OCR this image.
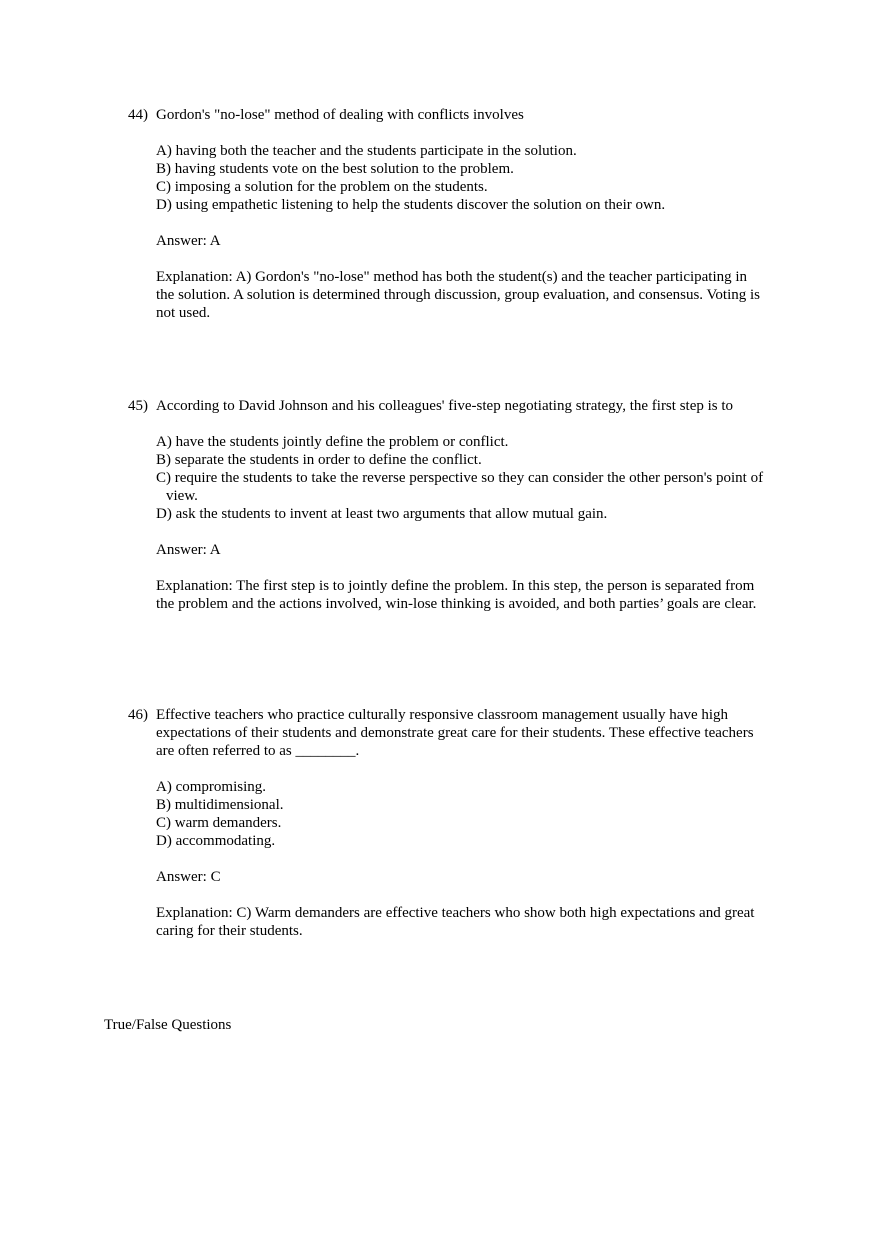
44) Gordon's "no-lose" method of dealing with conflicts involves
A) having both the teacher and the students participate in the solution.
B) having students vote on the best solution to the problem.
C) imposing a solution for the problem on the students.
D) using empathetic listening to help the students discover the solution on their own.
Answer: A
Explanation: A) Gordon's "no-lose" method has both the student(s) and the teacher participating in the solution. A solution is determined through discussion, group evaluation, and consensus. Voting is not used.
45) According to David Johnson and his colleagues' five-step negotiating strategy, the first step is to
A) have the students jointly define the problem or conflict.
B) separate the students in order to define the conflict.
C) require the students to take the reverse perspective so they can consider the other person's point of view.
D) ask the students to invent at least two arguments that allow mutual gain.
Answer: A
Explanation: The first step is to jointly define the problem. In this step, the person is separated from the problem and the actions involved, win-lose thinking is avoided, and both parties’ goals are clear.
46) Effective teachers who practice culturally responsive classroom management usually have high expectations of their students and demonstrate great care for their students. These effective teachers are often referred to as ________.
A) compromising.
B) multidimensional.
C) warm demanders.
D) accommodating.
Answer: C
Explanation: C) Warm demanders are effective teachers who show both high expectations and great caring for their students.
True/False Questions
